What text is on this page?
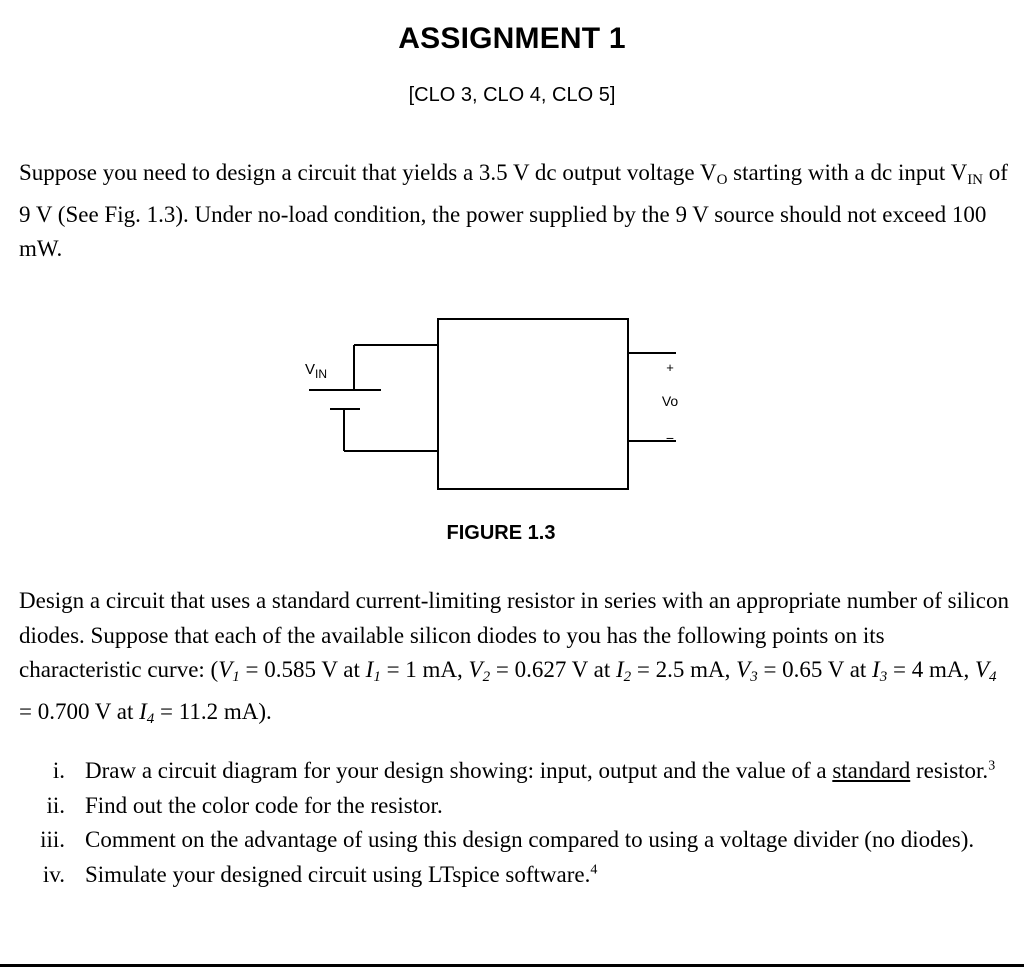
ASSIGNMENT 1
[CLO 3, CLO 4, CLO 5]

Suppose you need to design a circuit that yields a 3.5 V dc output voltage $V_O$ starting with a dc input $V_{IN}$ of 9 V (See Fig. 1.3). Under no-load condition, the power supplied by the 9 V source should not exceed 100 mW.

$V_{IN}$	+
Vo
−
FIGURE 1.3

Design a circuit that uses a standard current-limiting resistor in series with an appropriate number of silicon diodes. Suppose that each of the available silicon diodes to you has the following points on its characteristic curve: ($V_1 = 0.585$ V at $I_1 = 1$ mA, $V_2 = 0.627$ V at $I_2 = 2.5$ mA, $V_3 = 0.65$ V at $I_3 = 4$ mA, $V_4 = 0.700$ V at $I_4 = 11.2$ mA).

i. Draw a circuit diagram for your design showing: input, output and the value of a standard resistor.$^3$
ii. Find out the color code for the resistor.
iii. Comment on the advantage of using this design compared to using a voltage divider (no diodes).
iv. Simulate your designed circuit using LTspice software.$^4$
